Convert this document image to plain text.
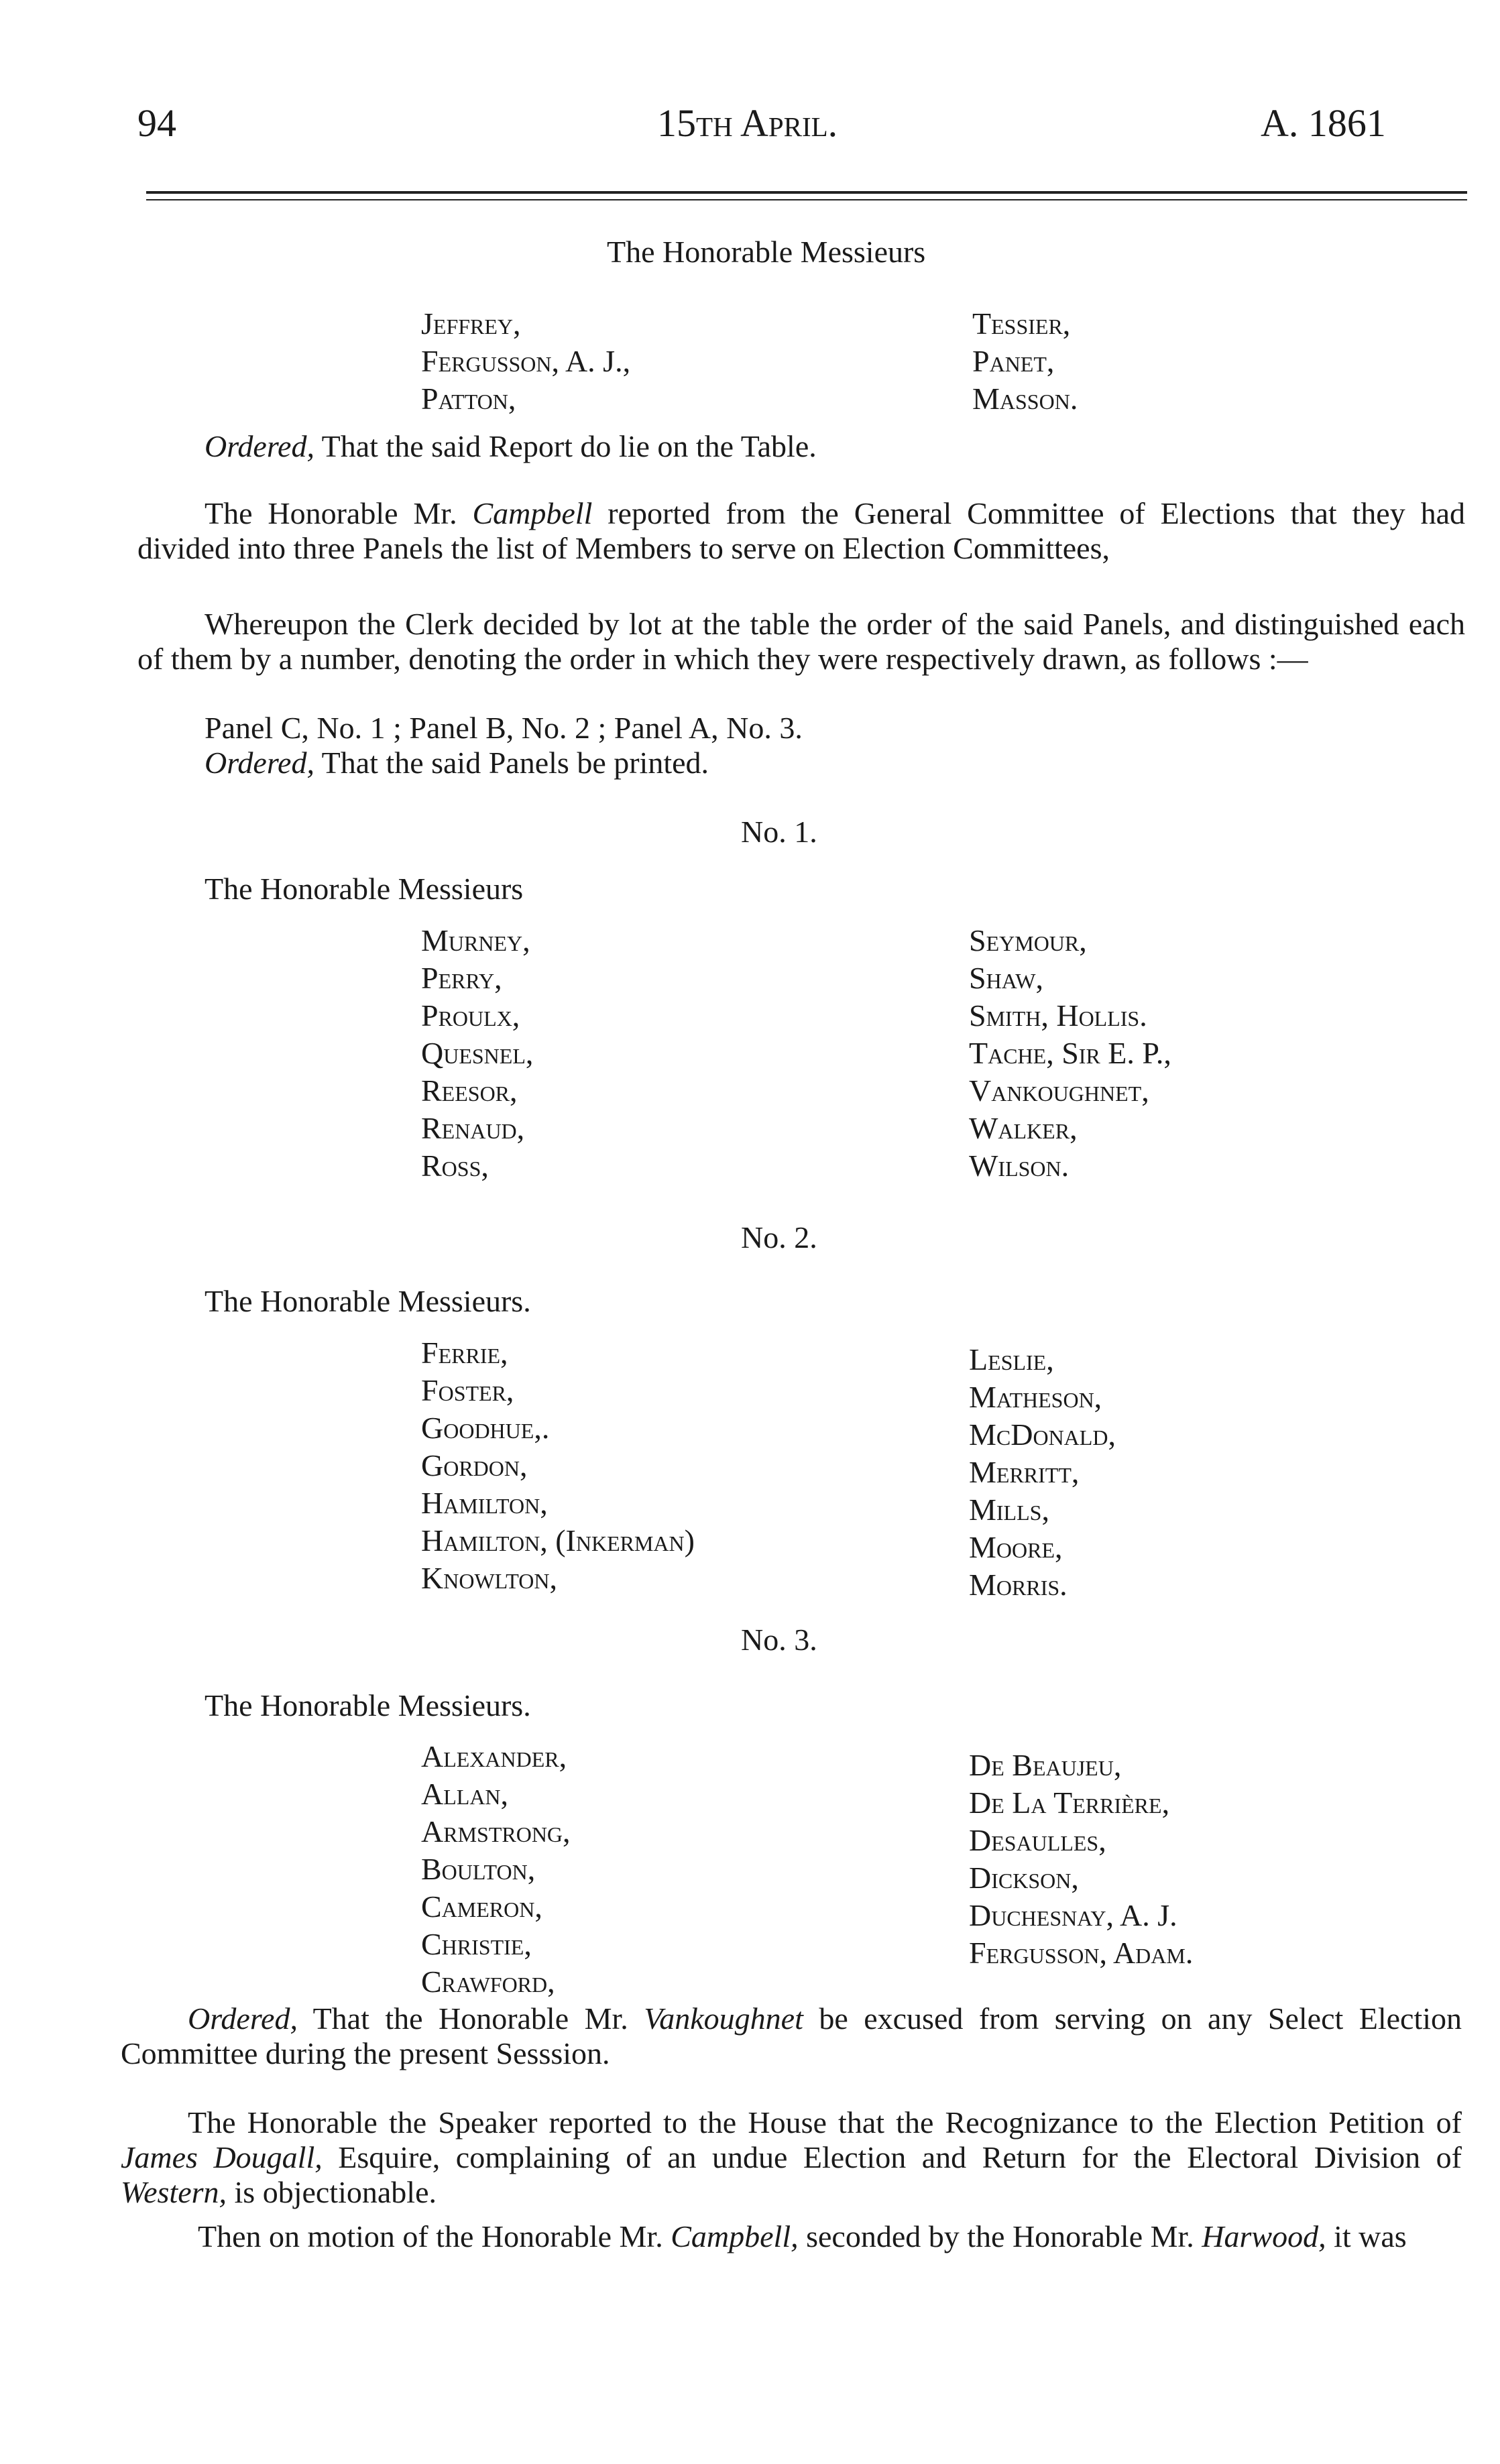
94	15th April.	A. 1861
The Honorable Messieurs
Jeffrey,
Fergusson, A. J.,
Patton,
Tessier,
Panet,
Masson.
Ordered, That the said Report do lie on the Table.
The Honorable Mr. Campbell reported from the General Committee of Elections that they had divided into three Panels the list of Members to serve on Election Committees,
Whereupon the Clerk decided by lot at the table the order of the said Panels, and distinguished each of them by a number, denoting the order in which they were respectively drawn, as follows :—
Panel C, No. 1 ; Panel B, No. 2 ; Panel A, No. 3.
Ordered, That the said Panels be printed.
No. 1.
The Honorable Messieurs
Murney,
Perry,
Proulx,
Quesnel,
Reesor,
Renaud,
Ross,
Seymour,
Shaw,
Smith, Hollis.
Tache, Sir E. P.,
Vankoughnet,
Walker,
Wilson.
No. 2.
The Honorable Messieurs.
Ferrie,
Foster,
Goodhue,.
Gordon,
Hamilton,
Hamilton, (Inkerman)
Knowlton,
Leslie,
Matheson,
McDonald,
Merritt,
Mills,
Moore,
Morris.
No. 3.
The Honorable Messieurs.
Alexander,
Allan,
Armstrong,
Boulton,
Cameron,
Christie,
Crawford,
De Beaujeu,
De La Terrière,
Desaulles,
Dickson,
Duchesnay, A. J.
Fergusson, Adam.
Ordered, That the Honorable Mr. Vankoughnet be excused from serving on any Select Election Committee during the present Sesssion.
The Honorable the Speaker reported to the House that the Recognizance to the Election Petition of James Dougall, Esquire, complaining of an undue Election and Return for the Electoral Division of Western, is objectionable.
Then on motion of the Honorable Mr. Campbell, seconded by the Honorable Mr. Harwood, it was
